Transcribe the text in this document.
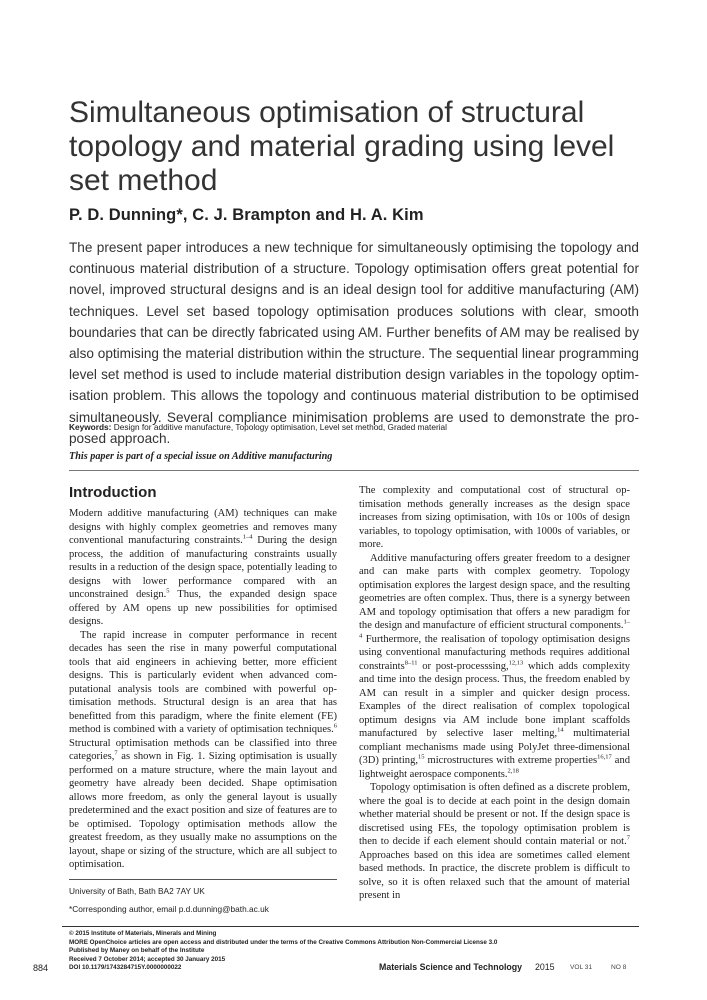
Simultaneous optimisation of structural topology and material grading using level set method
P. D. Dunning*, C. J. Brampton and H. A. Kim

The present paper introduces a new technique for simultaneously optimising the topology and continuous material distribution of a structure. Topology optimisation offers great potential for novel, improved structural designs and is an ideal design tool for additive manufacturing (AM) techniques. Level set based topology optimisation produces solutions with clear, smooth boundaries that can be directly fabricated using AM. Further benefits of AM may be realised by also optimising the material distribution within the structure. The sequential linear programming level set method is used to include material distribution design variables in the topology optimisation problem. This allows the topology and continuous material distribution to be optimised simultaneously. Several compliance minimisation problems are used to demonstrate the proposed approach.

Keywords: Design for additive manufacture, Topology optimisation, Level set method, Graded material
This paper is part of a special issue on Additive manufacturing
Introduction

Modern additive manufacturing (AM) techniques can make designs with highly complex geometries and removes many conventional manufacturing constraints.$^{1-4}$ During the design process, the addition of manufacturing constraints usually results in a reduction of the design space, potentially leading to designs with lower performance compared with an unconstrained design.$^5$ Thus, the expanded design space offered by AM opens up new possibilities for optimised designs.

The rapid increase in computer performance in recent decades has seen the rise in many powerful computational tools that aid engineers in achieving better, more efficient designs. This is particularly evident when advanced computational analysis tools are combined with powerful optimisation methods. Structural design is an area that has benefitted from this paradigm, where the finite element (FE) method is combined with a variety of optimisation techniques.$^6$ Structural optimisation methods can be classified into three categories,$^7$ as shown in Fig. 1. Sizing optimisation is usually performed on a mature structure, where the main layout and geometry have already been decided. Shape optimisation allows more freedom, as only the general layout is usually predetermined and the exact position and size of features are to be optimised. Topology optimisation methods allow the greatest freedom, as they usually make no assumptions on the layout, shape or sizing of the structure, which are all subject to optimisation.

The complexity and computational cost of structural optimisation methods generally increases as the design space increases from sizing optimisation, with 10s or 100s of design variables, to topology optimisation, with 1000s of variables, or more.

Additive manufacturing offers greater freedom to a designer and can make parts with complex geometry. Topology optimisation explores the largest design space, and the resulting geometries are often complex. Thus, there is a synergy between AM and topology optimisation that offers a new paradigm for the design and manufacture of efficient structural components.$^{1-4}$ Furthermore, the realisation of topology optimisation designs using conventional manufacturing methods requires additional constraints$^{8-11}$ or post-processsing,$^{12,13}$ which adds complexity and time into the design process. Thus, the freedom enabled by AM can result in a simpler and quicker design process. Examples of the direct realisation of complex topological optimum designs via AM include bone implant scaffolds manufactured by selective laser melting,$^{14}$ multimaterial compliant mechanisms made using PolyJet three-dimensional (3D) printing,$^{15}$ microstructures with extreme properties$^{16,17}$ and lightweight aerospace components.$^{2,18}$

Topology optimisation is often defined as a discrete problem, where the goal is to decide at each point in the design domain whether material should be present or not. If the design space is discretised using FEs, the topology optimisation problem is then to decide if each element should contain material or not.$^7$ Approaches based on this idea are sometimes called element based methods. In practice, the discrete problem is difficult to solve, so it is often relaxed such that the amount of material present in

University of Bath, Bath BA2 7AY UK
*Corresponding author, email p.d.dunning@bath.ac.uk
© 2015 Institute of Materials, Minerals and Mining
MORE OpenChoice articles are open access and distributed under the terms of the Creative Commons Attribution Non-Commercial License 3.0
Published by Maney on behalf of the Institute
Received 7 October 2014; accepted 30 January 2015
DOI 10.1179/1743284715Y.0000000022
884	Materials Science and Technology 2015 VOL 31	NO 8
